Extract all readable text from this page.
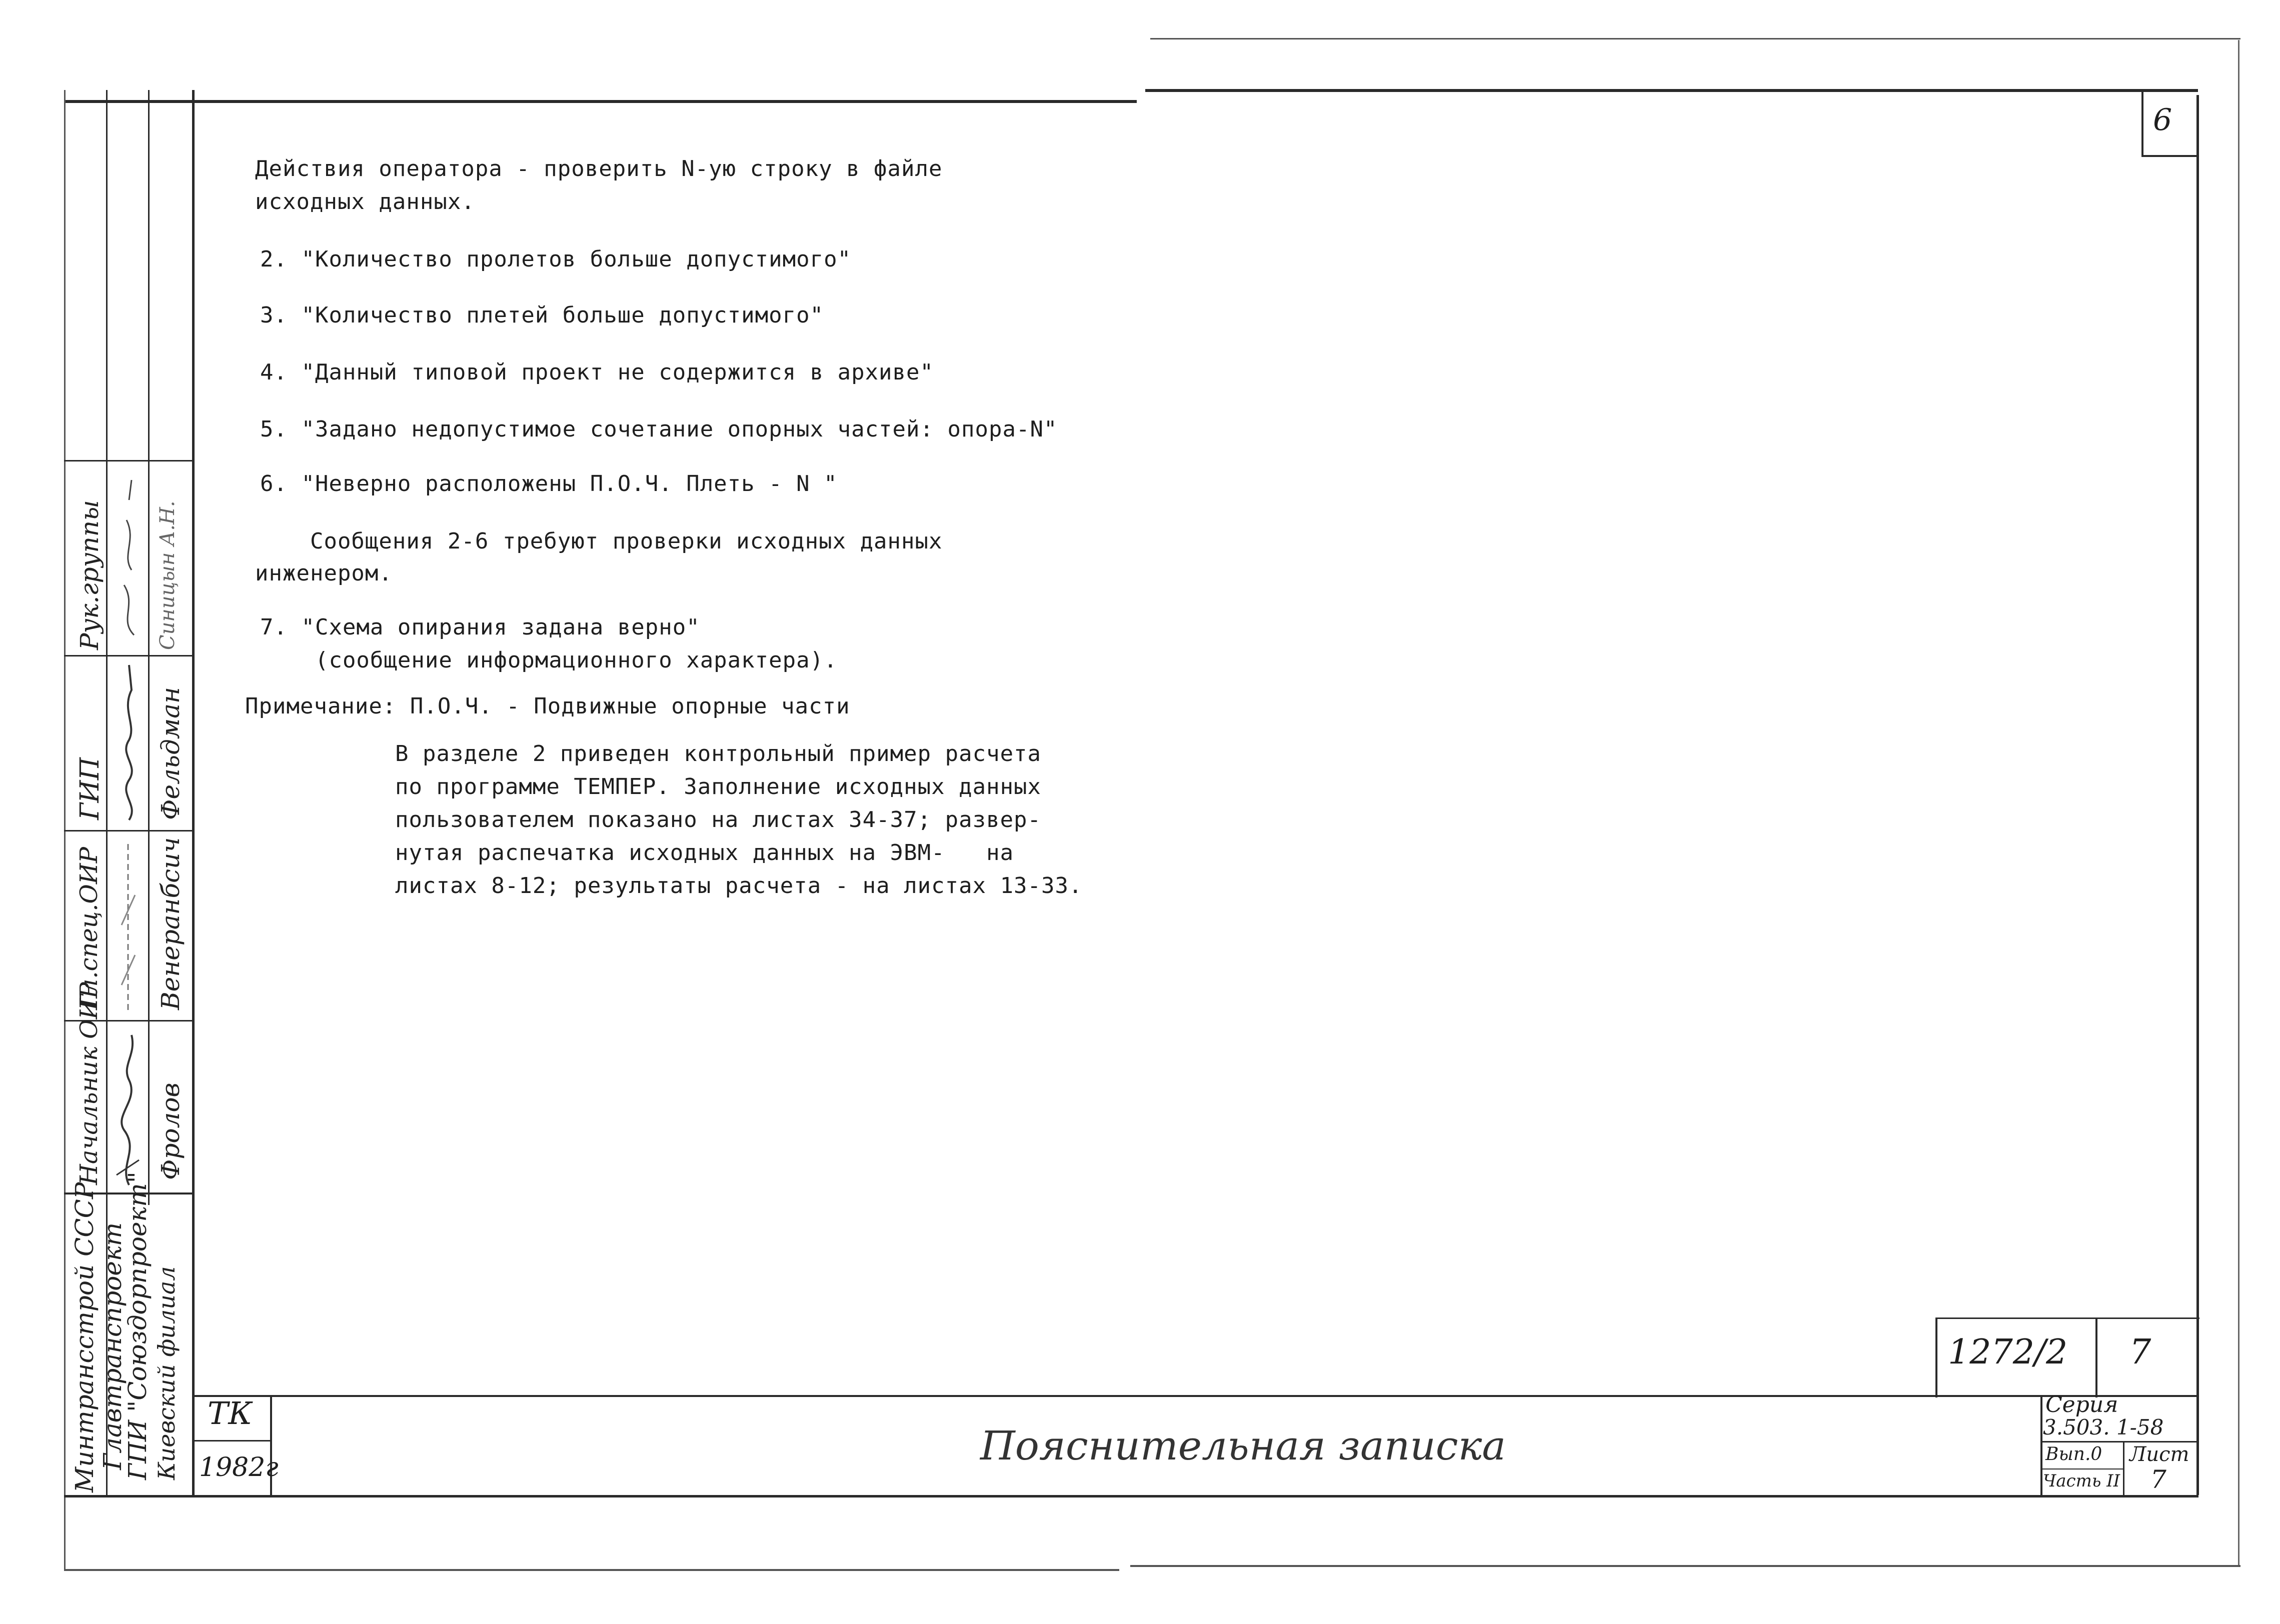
6
Действия оператора - проверить N-ую строку в файле
исходных данных.
2. "Количество пролетов больше допустимого"
3. "Количество плетей больше допустимого"
4. "Данный типовой проект не содержится в архиве"
5. "Задано недопустимое сочетание опорных частей: опора-N"
6. "Неверно расположены П.О.Ч. Плеть - N "
Сообщения 2-6 требуют проверки исходных данных
инженером.
7. "Схема опирания задана верно"
(сообщение информационного характера).
Примечание: П.О.Ч. - Подвижные опорные части
В разделе 2 приведен контрольный пример расчета
по программе ТЕМПЕР. Заполнение исходных данных
пользователем показано на листах 34-37; развер-
нутая распечатка исходных данных на ЭВМ-   на
листах 8-12; результаты расчета - на листах 13-33.
Минтрансстрой СССР
Главтранспроект
ГПИ "Союздорпроект" Киевский филиал
Начальник ОИР
Гл.спец.ОИР
ГИП
Рук.группы
Фролов
Венеранбсич
Фельдман
Синицын А.Н.
ТК
1982г	Пояснительная записка
1272/2 7
Серия
3.503. 1-58
Вып.0
Часть II
Лист
7
